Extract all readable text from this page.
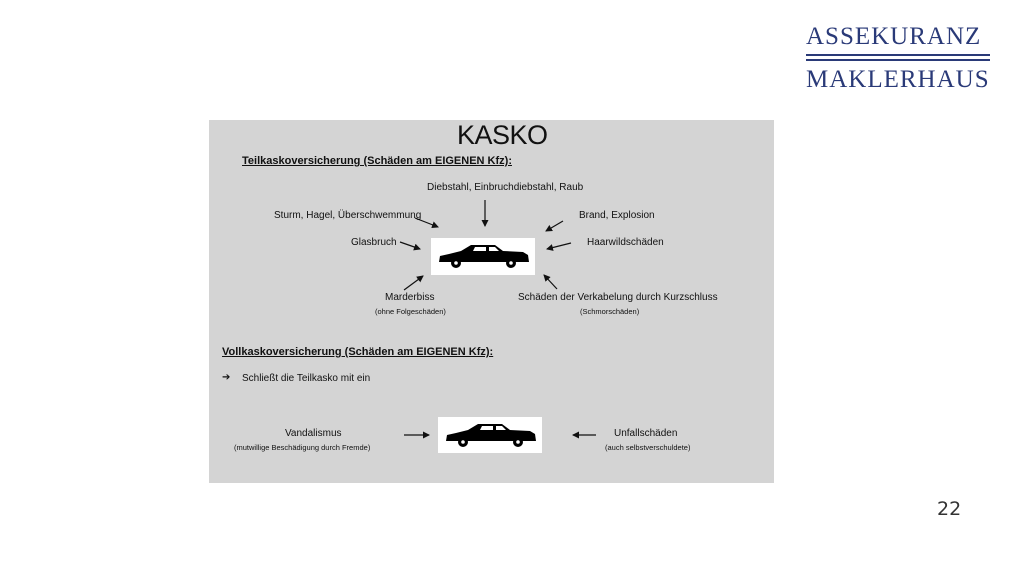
ASSEKURANZ
MAKLERHAUS
KASKO
Teilkaskoversicherung (Schäden am EIGENEN Kfz):
Diebstahl, Einbruchdiebstahl, Raub
Sturm, Hagel, Überschwemmung	Brand, Explosion
Glasbruch	Haarwildschäden
Marderbiss
(ohne Folgeschäden)
Schäden der Verkabelung durch Kurzschluss
(Schmorschäden)
Vollkaskoversicherung (Schäden am EIGENEN Kfz):
➔ Schließt die Teilkasko mit ein
Vandalismus
(mutwillige Beschädigung durch Fremde)
Unfallschäden
(auch selbstverschuldete)
22
